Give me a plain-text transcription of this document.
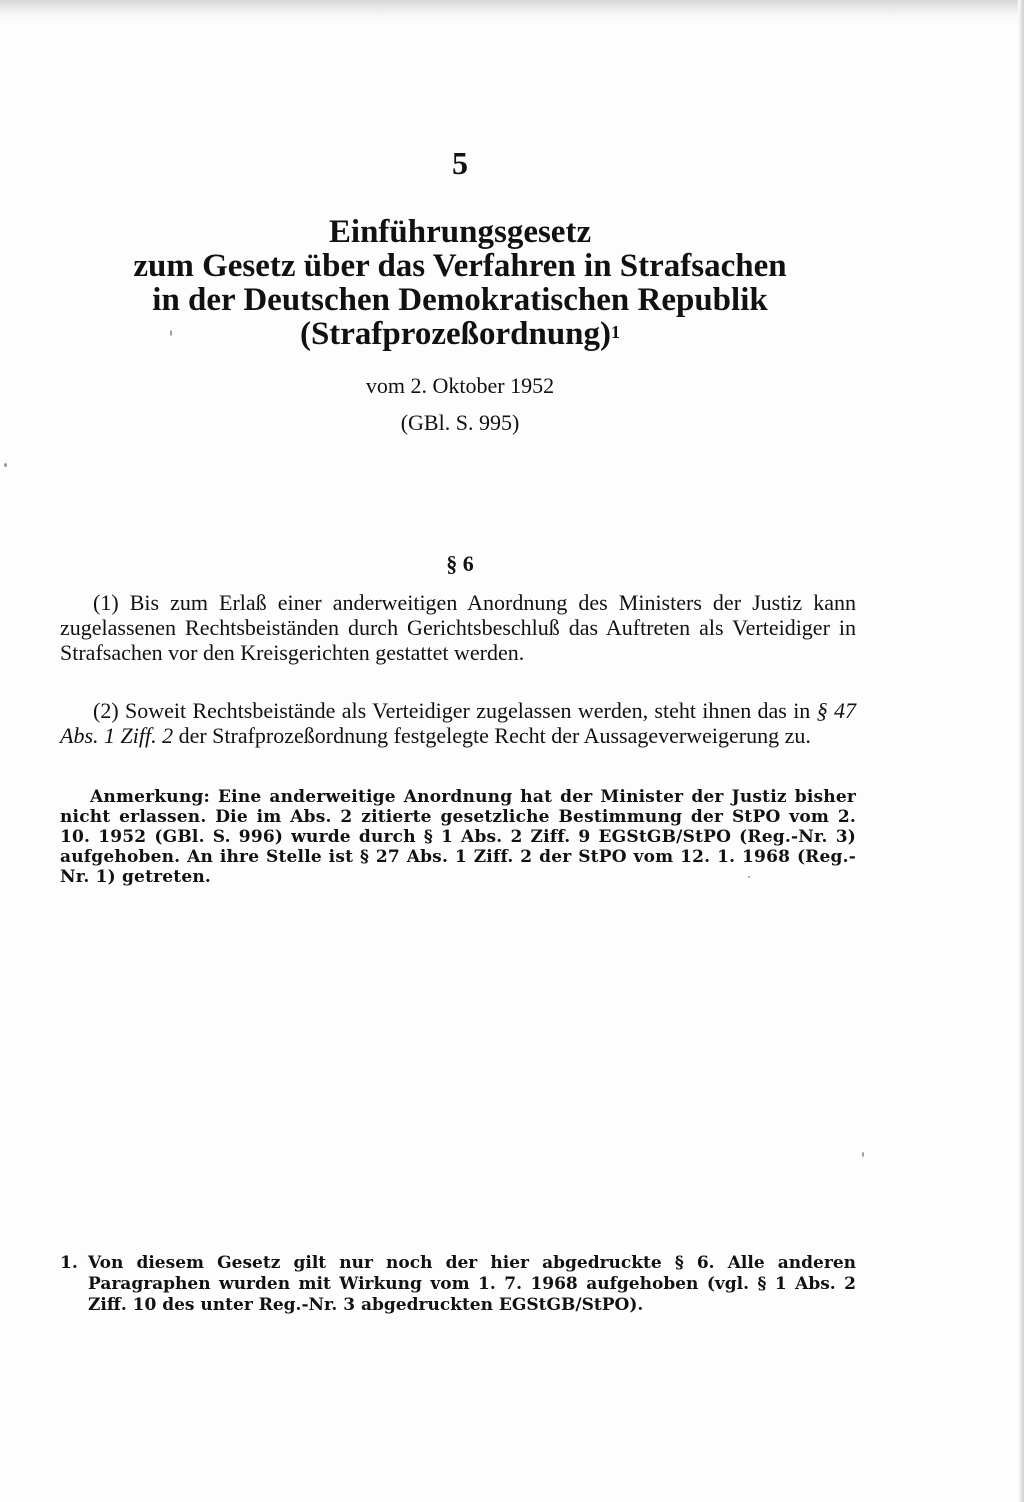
5
Einführungsgesetz
zum Gesetz über das Verfahren in Strafsachen
in der Deutschen Demokratischen Republik
(Strafprozeßordnung)$^1$
vom 2. Oktober 1952
(GBl. S. 995)
§ 6
(1) Bis zum Erlaß einer anderweitigen Anordnung des Ministers der Justiz kann zugelassenen Rechtsbeiständen durch Gerichtsbeschluß das Auftreten als Verteidiger in Strafsachen vor den Kreisgerichten gestattet werden.
(2) Soweit Rechtsbeistände als Verteidiger zugelassen werden, steht ihnen das in § 47 Abs. 1 Ziff. 2 der Strafprozeßordnung festgelegte Recht der Aussageverweigerung zu.
Anmerkung: Eine anderweitige Anordnung hat der Minister der Justiz bisher nicht erlassen. Die im Abs. 2 zitierte gesetzliche Bestimmung der StPO vom 2. 10. 1952 (GBl. S. 996) wurde durch § 1 Abs. 2 Ziff. 9 EGStGB/StPO (Reg.-Nr. 3) aufgehoben. An ihre Stelle ist § 27 Abs. 1 Ziff. 2 der StPO vom 12. 1. 1968 (Reg.-Nr. 1) getreten.
1. Von diesem Gesetz gilt nur noch der hier abgedruckte § 6. Alle anderen Paragraphen wurden mit Wirkung vom 1. 7. 1968 aufgehoben (vgl. § 1 Abs. 2 Ziff. 10 des unter Reg.-Nr. 3 abgedruckten EGStGB/StPO).
